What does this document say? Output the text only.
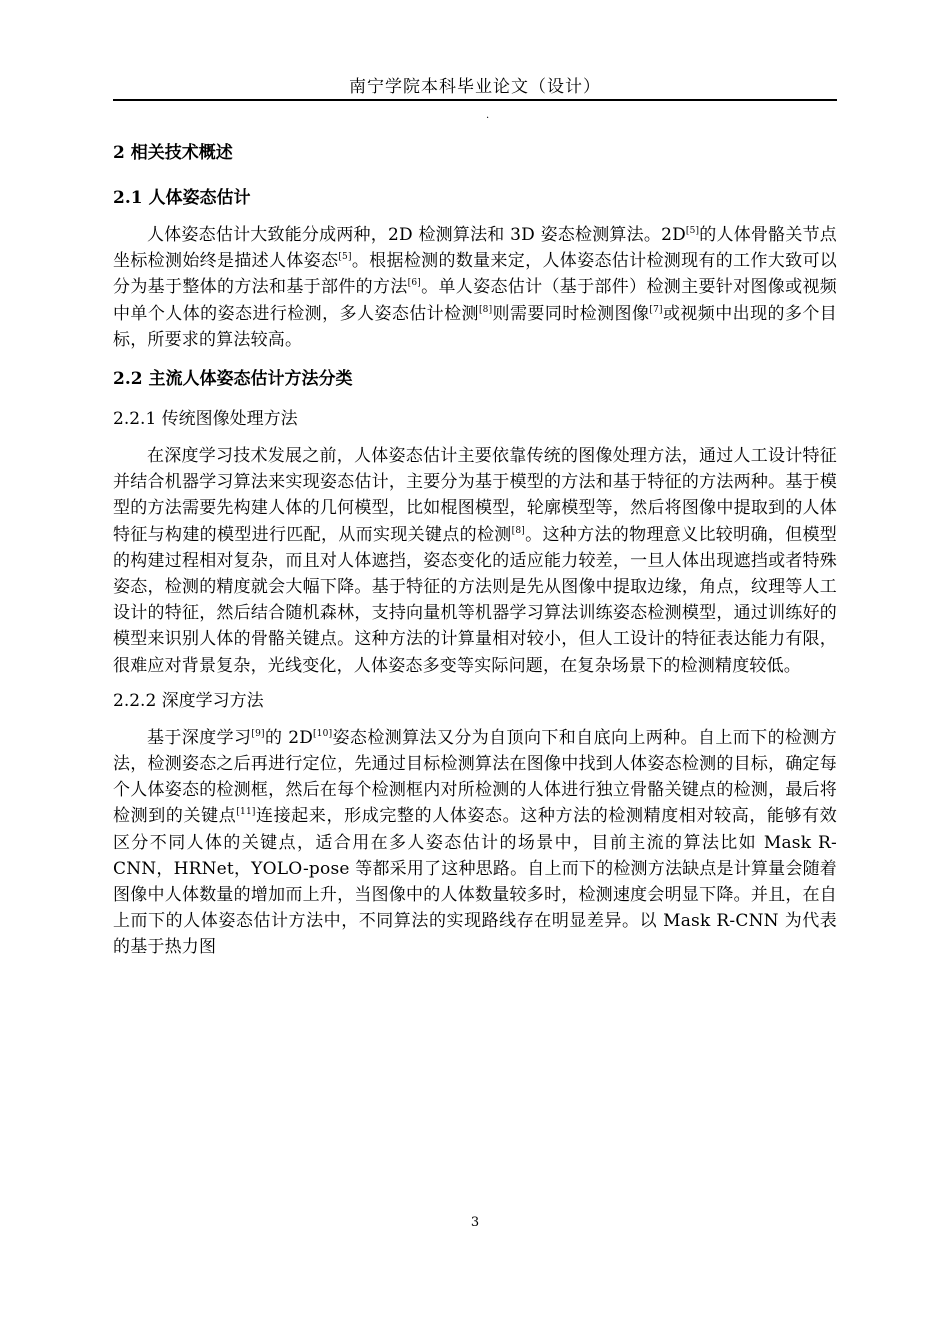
南宁学院本科毕业论文（设计）
.
2 相关技术概述
2.1 人体姿态估计

人体姿态估计大致能分成两种，2D 检测算法和 3D 姿态检测算法。2D[5]的人体骨骼关节点坐标检测始终是描述人体姿态[5]。根据检测的数量来定，人体姿态估计检测现有的工作大致可以分为基于整体的方法和基于部件的方法[6]。单人姿态估计（基于部件）检测主要针对图像或视频中单个人体的姿态进行检测，多人姿态估计检测[8]则需要同时检测图像[7]或视频中出现的多个目标，所要求的算法较高。

2.2 主流人体姿态估计方法分类
2.2.1 传统图像处理方法

在深度学习技术发展之前，人体姿态估计主要依靠传统的图像处理方法，通过人工设计特征并结合机器学习算法来实现姿态估计，主要分为基于模型的方法和基于特征的方法两种。基于模型的方法需要先构建人体的几何模型，比如棍图模型，轮廓模型等，然后将图像中提取到的人体特征与构建的模型进行匹配，从而实现关键点的检测[8]。这种方法的物理意义比较明确，但模型的构建过程相对复杂，而且对人体遮挡，姿态变化的适应能力较差，一旦人体出现遮挡或者特殊姿态，检测的精度就会大幅下降。基于特征的方法则是先从图像中提取边缘，角点，纹理等人工设计的特征，然后结合随机森林，支持向量机等机器学习算法训练姿态检测模型，通过训练好的模型来识别人体的骨骼关键点。这种方法的计算量相对较小，但人工设计的特征表达能力有限，很难应对背景复杂，光线变化，人体姿态多变等实际问题，在复杂场景下的检测精度较低。

2.2.2 深度学习方法

基于深度学习[9]的 2D[10]姿态检测算法又分为自顶向下和自底向上两种。自上而下的检测方法，检测姿态之后再进行定位，先通过目标检测算法在图像中找到人体姿态检测的目标，确定每个人体姿态的检测框，然后在每个检测框内对所检测的人体进行独立骨骼关键点的检测，最后将检测到的关键点[11]连接起来，形成完整的人体姿态。这种方法的检测精度相对较高，能够有效区分不同人体的关键点，适合用在多人姿态估计的场景中，目前主流的算法比如 Mask R-CNN，HRNet，YOLO-pose 等都采用了这种思路。自上而下的检测方法缺点是计算量会随着图像中人体数量的增加而上升，当图像中的人体数量较多时，检测速度会明显下降。并且，在自上而下的人体姿态估计方法中，不同算法的实现路线存在明显差异。以 Mask R-CNN 为代表的基于热力图

3
